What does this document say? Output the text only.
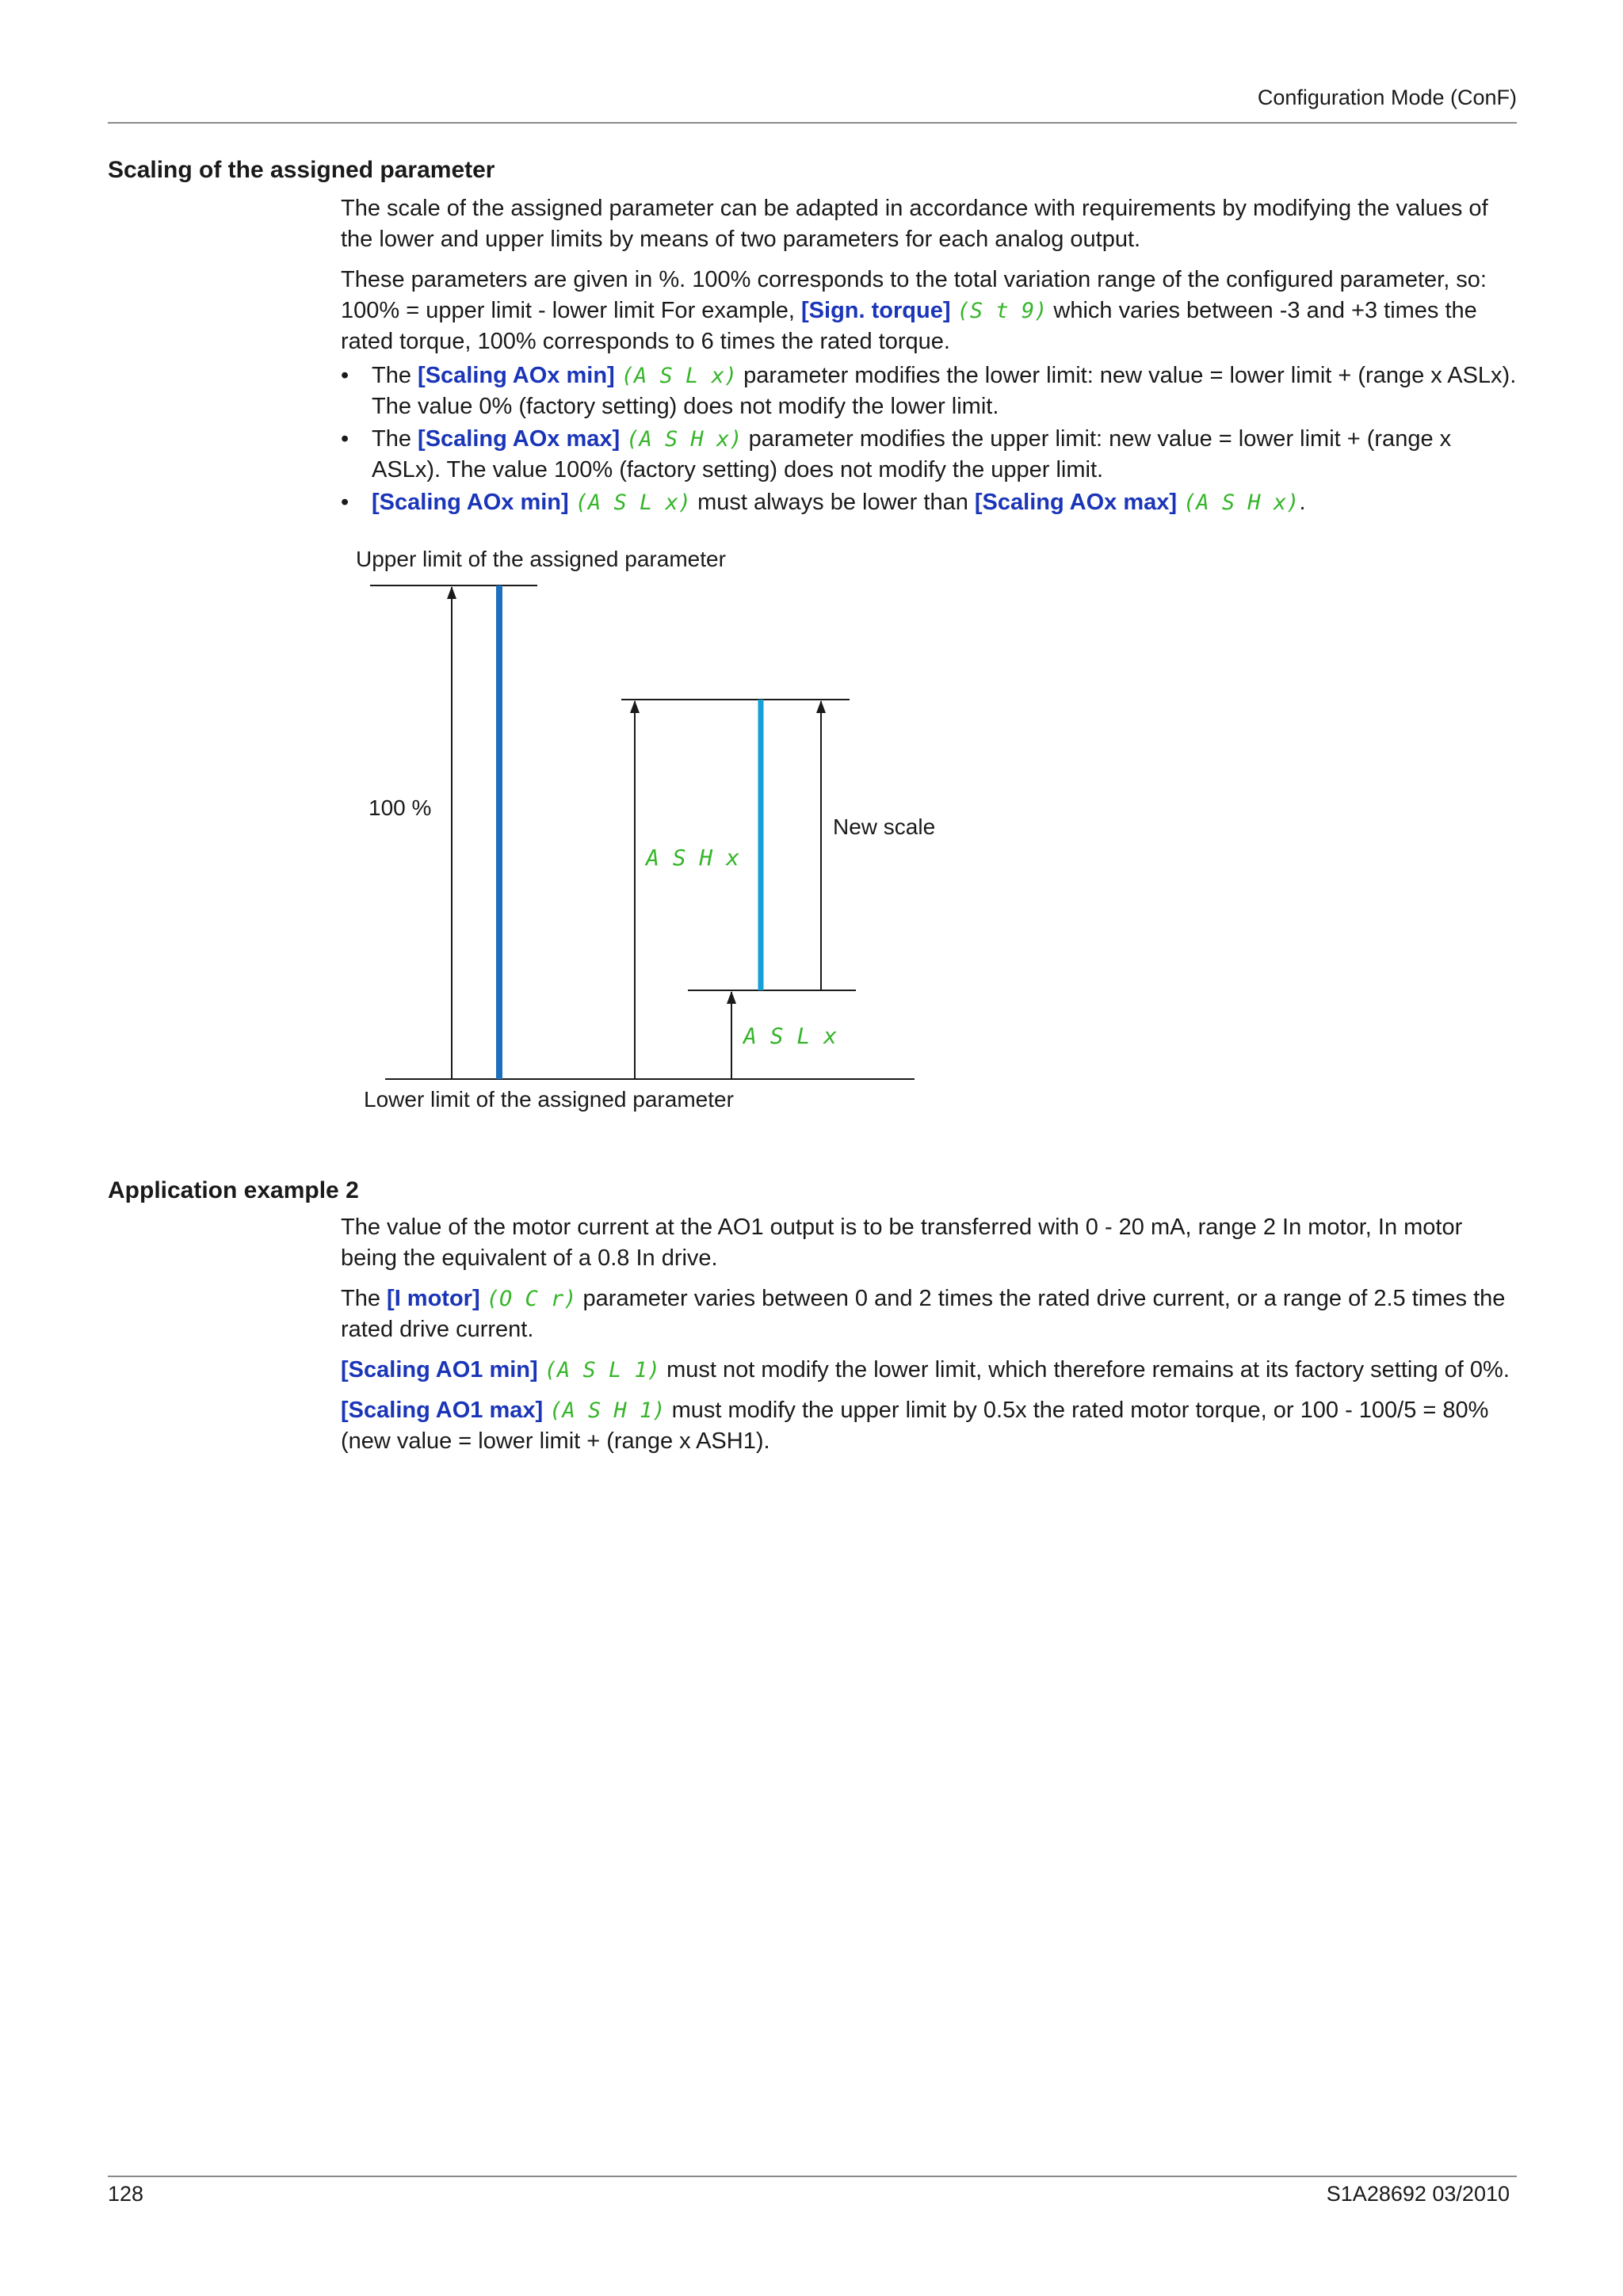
Configuration Mode (ConF)
Scaling of the assigned parameter

The scale of the assigned parameter can be adapted in accordance with requirements by modifying the values of the lower and upper limits by means of two parameters for each analog output.

These parameters are given in %. 100% corresponds to the total variation range of the configured parameter, so: 100% = upper limit - lower limit For example, [Sign. torque] (S t 9) which varies between -3 and +3 times the rated torque, 100% corresponds to 6 times the rated torque.

• The [Scaling AOx min] (A S L x) parameter modifies the lower limit: new value = lower limit + (range x ASLx). The value 0% (factory setting) does not modify the lower limit.
• The [Scaling AOx max] (A S H x) parameter modifies the upper limit: new value = lower limit + (range x ASLx). The value 100% (factory setting) does not modify the upper limit.
• [Scaling AOx min] (A S L x) must always be lower than [Scaling AOx max] (A S H x).
Upper limit of the assigned parameter
100 %
New scale
A S H x
A S L x
Lower limit of the assigned parameter
Application example 2

The value of the motor current at the AO1 output is to be transferred with 0 - 20 mA, range 2 In motor, In motor being the equivalent of a 0.8 In drive.

The [I motor] (O C r) parameter varies between 0 and 2 times the rated drive current, or a range of 2.5 times the rated drive current.

[Scaling AO1 min] (A S L 1) must not modify the lower limit, which therefore remains at its factory setting of 0%.

[Scaling AO1 max] (A S H 1) must modify the upper limit by 0.5x the rated motor torque, or 100 - 100/5 = 80% (new value = lower limit + (range x ASH1).

128	S1A28692 03/2010
